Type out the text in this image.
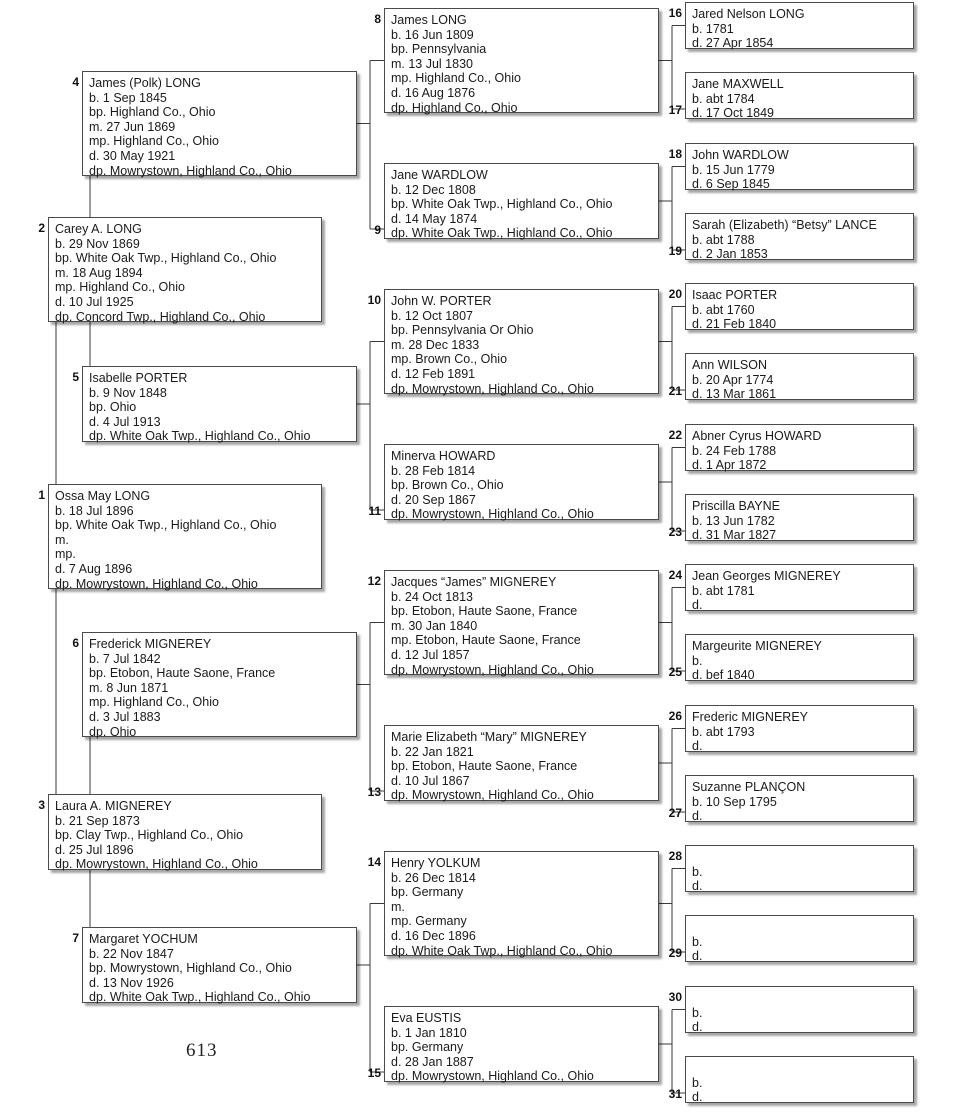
Ossa May LONG
b. 18 Jul 1896
bp. White Oak Twp., Highland Co., Ohio
m.
mp.
d. 7 Aug 1896
dp. Mowrystown, Highland Co., Ohio
1
Carey A. LONG
b. 29 Nov 1869
bp. White Oak Twp., Highland Co., Ohio
m. 18 Aug 1894
mp. Highland Co., Ohio
d. 10 Jul 1925
dp. Concord Twp., Highland Co., Ohio
2
Laura A. MIGNEREY
b. 21 Sep 1873
bp. Clay Twp., Highland Co., Ohio
d. 25 Jul 1896
dp. Mowrystown, Highland Co., Ohio
3
James (Polk) LONG
b. 1 Sep 1845
bp. Highland Co., Ohio
m. 27 Jun 1869
mp. Highland Co., Ohio
d. 30 May 1921
dp. Mowrystown, Highland Co., Ohio
4
Isabelle PORTER
b. 9 Nov 1848
bp. Ohio
d. 4 Jul 1913
dp. White Oak Twp., Highland Co., Ohio
5
Frederick MIGNEREY
b. 7 Jul 1842
bp. Etobon, Haute Saone, France
m. 8 Jun 1871
mp. Highland Co., Ohio
d. 3 Jul 1883
dp. Ohio
6
Margaret YOCHUM
b. 22 Nov 1847
bp. Mowrystown, Highland Co., Ohio
d. 13 Nov 1926
dp. White Oak Twp., Highland Co., Ohio
7
James LONG
b. 16 Jun 1809
bp. Pennsylvania
m. 13 Jul 1830
mp. Highland Co., Ohio
d. 16 Aug 1876
dp. Highland Co., Ohio
8
Jane WARDLOW
b. 12 Dec 1808
bp. White Oak Twp., Highland Co., Ohio
d. 14 May 1874
dp. White Oak Twp., Highland Co., Ohio
9
John W. PORTER
b. 12 Oct 1807
bp. Pennsylvania Or Ohio
m. 28 Dec 1833
mp. Brown Co., Ohio
d. 12 Feb 1891
dp. Mowrystown, Highland Co., Ohio
10
Minerva HOWARD
b. 28 Feb 1814
bp. Brown Co., Ohio
d. 20 Sep 1867
dp. Mowrystown, Highland Co., Ohio
11
Jacques “James” MIGNEREY
b. 24 Oct 1813
bp. Etobon, Haute Saone, France
m. 30 Jan 1840
mp. Etobon, Haute Saone, France
d. 12 Jul 1857
dp. Mowrystown, Highland Co., Ohio
12
Marie Elizabeth “Mary” MIGNEREY
b. 22 Jan 1821
bp. Etobon, Haute Saone, France
d. 10 Jul 1867
dp. Mowrystown, Highland Co., Ohio
13
Henry YOLKUM
b. 26 Dec 1814
bp. Germany
m.
mp. Germany
d. 16 Dec 1896
dp. White Oak Twp., Highland Co., Ohio
14
Eva EUSTIS
b. 1 Jan 1810
bp. Germany
d. 28 Jan 1887
dp. Mowrystown, Highland Co., Ohio
15
Jared Nelson LONG
b. 1781
d. 27 Apr 1854
16
Jane MAXWELL
b. abt 1784
d. 17 Oct 1849
17
John WARDLOW
b. 15 Jun 1779
d. 6 Sep 1845
18
Sarah (Elizabeth) “Betsy” LANCE
b. abt 1788
d. 2 Jan 1853
19
Isaac PORTER
b. abt 1760
d. 21 Feb 1840
20
Ann WILSON
b. 20 Apr 1774
d. 13 Mar 1861
21
Abner Cyrus HOWARD
b. 24 Feb 1788
d. 1 Apr 1872
22
Priscilla BAYNE
b. 13 Jun 1782
d. 31 Mar 1827
23
Jean Georges MIGNEREY
b. abt 1781
d.
24
Margeurite MIGNEREY
b.
d. bef 1840
25
Frederic MIGNEREY
b. abt 1793
d.
26
Suzanne PLANÇON
b. 10 Sep 1795
d.
27

b.
d.
28

b.
d.
29

b.
d.
30

b.
d.
31
613
